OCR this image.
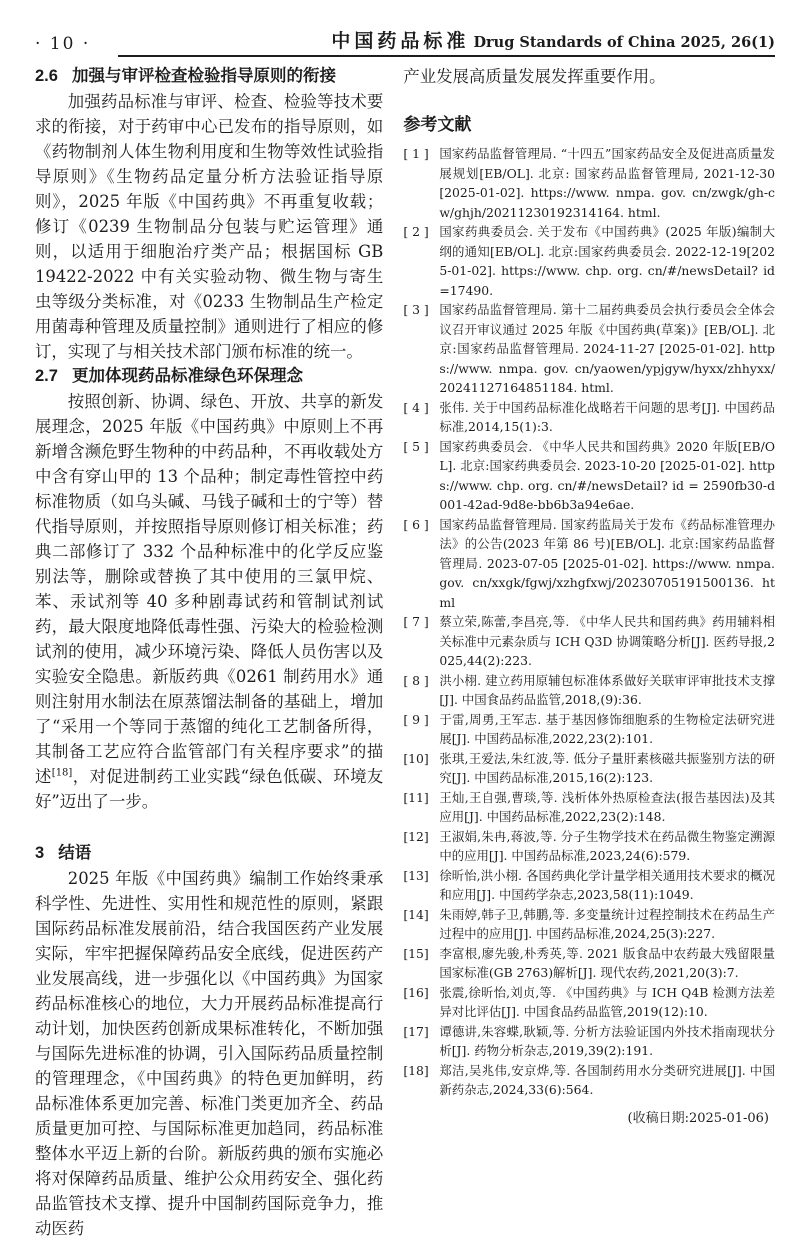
· 10 ·	中国药品标准 Drug Standards of China 2025, 26(1)
2.6 加强与审评检查检验指导原则的衔接

加强药品标准与审评、检查、检验等技术要求的衔接，对于药审中心已发布的指导原则，如《药物制剂人体生物利用度和生物等效性试验指导原则》《生物药品定量分析方法验证指导原则》，2025 年版《中国药典》不再重复收载；修订《0239 生物制品分包装与贮运管理》通则，以适用于细胞治疗类产品；根据国标 GB 19422-2022 中有关实验动物、微生物与寄生虫等级分类标准，对《0233 生物制品生产检定用菌毒种管理及质量控制》通则进行了相应的修订，实现了与相关技术部门颁布标准的统一。

2.7 更加体现药品标准绿色环保理念

按照创新、协调、绿色、开放、共享的新发展理念，2025 年版《中国药典》中原则上不再新增含濒危野生物种的中药品种，不再收载处方中含有穿山甲的 13 个品种；制定毒性管控中药标准物质（如乌头碱、马钱子碱和士的宁等）替代指导原则，并按照指导原则修订相关标准；药典二部修订了 332 个品种标准中的化学反应鉴别法等，删除或替换了其中使用的三氯甲烷、苯、汞试剂等 40 多种剧毒试药和管制试剂试药，最大限度地降低毒性强、污染大的检验检测试剂的使用，减少环境污染、降低人员伤害以及实验安全隐患。新版药典《0261 制药用水》通则注射用水制法在原蒸馏法制备的基础上，增加了“采用一个等同于蒸馏的纯化工艺制备所得，其制备工艺应符合监管部门有关程序要求”的描述[18]，对促进制药工业实践“绿色低碳、环境友好”迈出了一步。

3 结语

2025 年版《中国药典》编制工作始终秉承科学性、先进性、实用性和规范性的原则，紧跟国际药品标准发展前沿，结合我国医药产业发展实际，牢牢把握保障药品安全底线，促进医药产业发展高线，进一步强化以《中国药典》为国家药品标准核心的地位，大力开展药品标准提高行动计划，加快医药创新成果标准转化，不断加强与国际先进标准的协调，引入国际药品质量控制的管理理念，《中国药典》的特色更加鲜明，药品标准体系更加完善、标准门类更加齐全、药品质量更加可控、与国际标准更加趋同，药品标准整体水平迈上新的台阶。新版药典的颁布实施必将对保障药品质量、维护公众用药安全、强化药品监管技术支撑、提升中国制药国际竞争力，推动医药

产业发展高质量发展发挥重要作用。

参考文献
[ 1 ] 国家药品监督管理局. “十四五”国家药品安全及促进高质量发展规划[EB/OL]. 北京: 国家药品监督管理局, 2021-12-30 [2025-01-02]. https://www. nmpa. gov. cn/zwgk/gh-cw/ghjh/20211230192314164. html.
[ 2 ] 国家药典委员会. 关于发布《中国药典》(2025 年版)编制大纲的通知[EB/OL]. 北京:国家药典委员会. 2022-12-19[2025-01-02]. https://www. chp. org. cn/#/newsDetail? id =17490.
[ 3 ] 国家药品监督管理局. 第十二届药典委员会执行委员会全体会议召开审议通过 2025 年版《中国药典(草案)》[EB/OL]. 北京:国家药品监督管理局. 2024-11-27 [2025-01-02]. https://www. nmpa. gov. cn/yaowen/ypjgyw/hyxx/zhhyxx/20241127164851184. html.
[ 4 ] 张伟. 关于中国药品标准化战略若干问题的思考[J]. 中国药品标准,2014,15(1):3.
[ 5 ] 国家药典委员会. 《中华人民共和国药典》2020 年版[EB/OL]. 北京:国家药典委员会. 2023-10-20 [2025-01-02]. https://www. chp. org. cn/#/newsDetail? id = 2590fb30-d001-42ad-9d8e-bb6b3a94e6ae.
[ 6 ] 国家药品监督管理局. 国家药监局关于发布《药品标准管理办法》的公告(2023 年第 86 号)[EB/OL]. 北京:国家药品监督管理局. 2023-07-05 [2025-01-02]. https://www. nmpa. gov. cn/xxgk/fgwj/xzhgfxwj/20230705191500136. html
[ 7 ] 蔡立荣,陈蕾,李昌亮,等. 《中华人民共和国药典》药用辅料相关标准中元素杂质与 ICH Q3D 协调策略分析[J]. 医药导报,2025,44(2):223.
[ 8 ] 洪小栩. 建立药用原辅包标准体系做好关联审评审批技术支撑[J]. 中国食品药品监管,2018,(9):36.
[ 9 ] 于雷,周勇,王军志. 基于基因修饰细胞系的生物检定法研究进展[J]. 中国药品标准,2022,23(2):101.
[10] 张琪,王爱法,朱红波,等. 低分子量肝素核磁共振鉴别方法的研究[J]. 中国药品标准,2015,16(2):123.
[11] 王灿,王自强,曹琰,等. 浅析体外热原检查法(报告基因法)及其应用[J]. 中国药品标准,2022,23(2):148.
[12] 王淑娟,朱冉,蒋波,等. 分子生物学技术在药品微生物鉴定溯源中的应用[J]. 中国药品标准,2023,24(6):579.
[13] 徐昕怡,洪小栩. 各国药典化学计量学相关通用技术要求的概况和应用[J]. 中国药学杂志,2023,58(11):1049.
[14] 朱雨婷,韩子卫,韩鹏,等. 多变量统计过程控制技术在药品生产过程中的应用[J]. 中国药品标准,2024,25(3):227.
[15] 李富根,廖先骏,朴秀英,等. 2021 版食品中农药最大残留限量国家标准(GB 2763)解析[J]. 现代农药,2021,20(3):7.
[16] 张震,徐昕怡,刘贞,等. 《中国药典》与 ICH Q4B 检测方法差异对比评估[J]. 中国食品药品监管,2019(12):10.
[17] 谭德讲,朱容蝶,耿颖,等. 分析方法验证国内外技术指南现状分析[J]. 药物分析杂志,2019,39(2):191.
[18] 郑洁,吴兆伟,安京烨,等. 各国制药用水分类研究进展[J]. 中国新药杂志,2024,33(6):564.
(收稿日期:2025-01-06)
